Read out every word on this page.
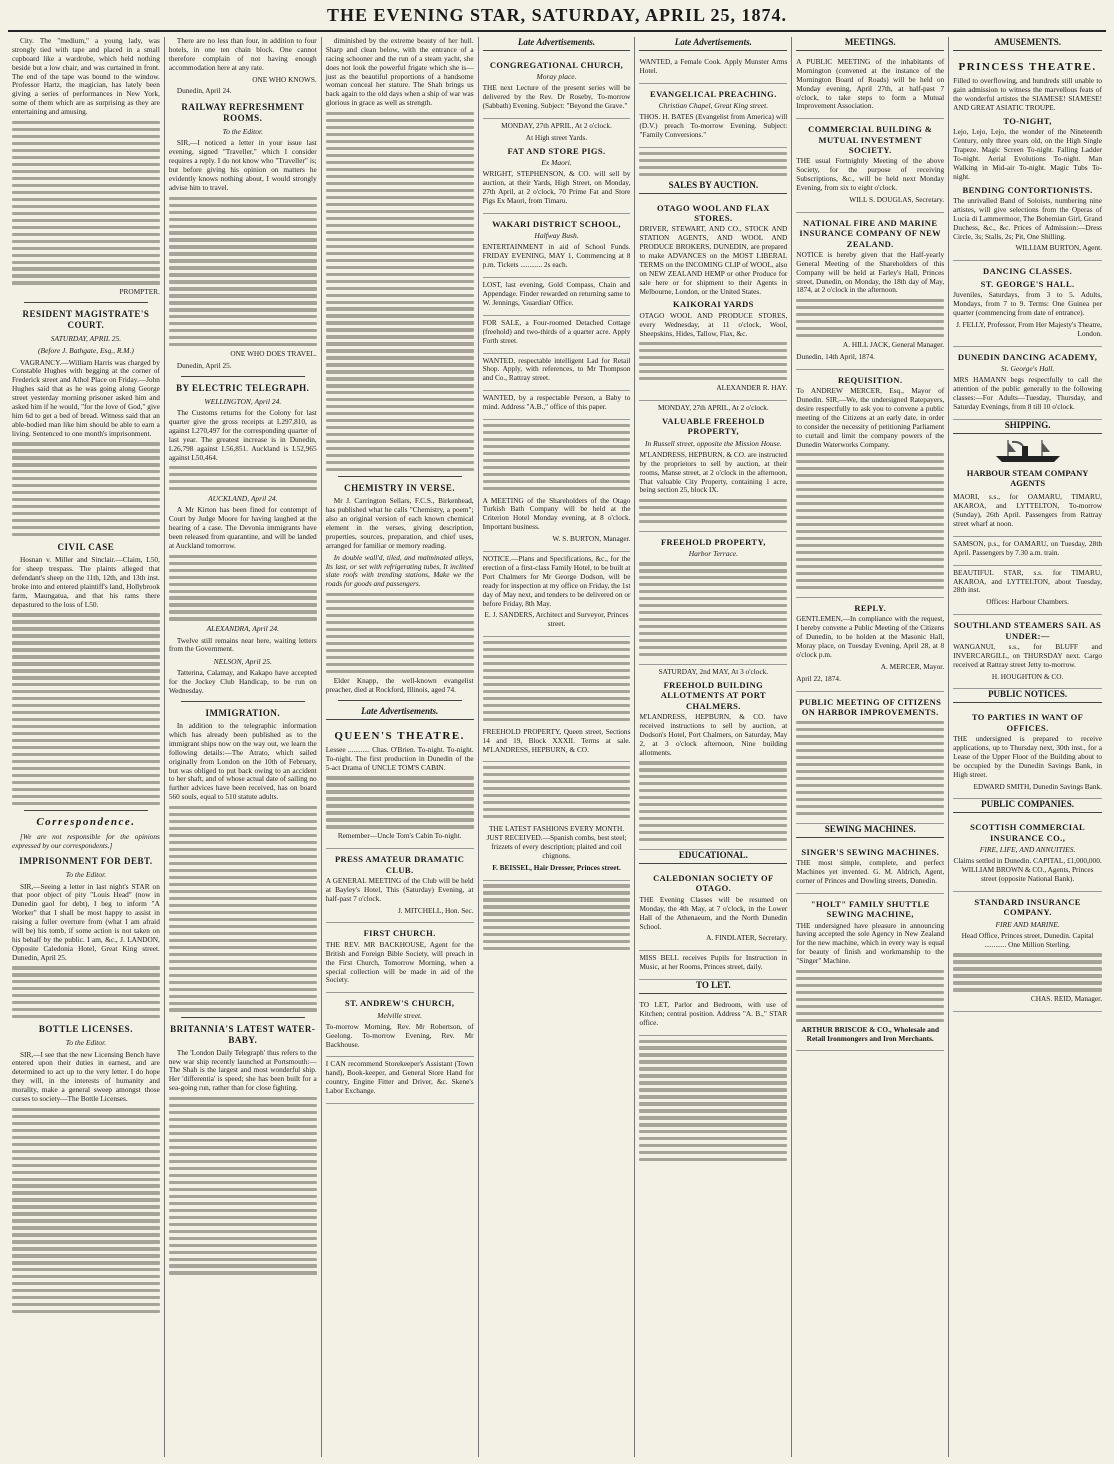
THE EVENING STAR, SATURDAY, APRIL 25, 1874.

City. The "medium," a young lady, was strongly tied with tape and placed in a small cupboard like a wardrobe, which held nothing beside but a low chair, and was curtained in front. The end of the tape was bound to the window. Professor Hartz, the magician, has lately been giving a series of performances in New York, some of them which are as surprising as they are entertaining and amusing.

PROMPTER.

RESIDENT MAGISTRATE'S COURT.
SATURDAY, APRIL 25.
(Before J. Bathgate, Esq., R.M.)

VAGRANCY.—William Harris was charged by Constable Hughes with begging at the corner of Frederick street and Athol Place on Friday.—John Hughes said that as he was going along George street yesterday morning prisoner asked him and asked him if he would, "for the love of God," give him 6d to get a bed of bread. Witness said that an able-bodied man like him should be able to earn a living. Sentenced to one month's imprisonment.

CIVIL CASE

Hosnan v. Miller and Sinclair.—Claim, L50, for sheep trespass. The plaints alleged that defendant's sheep on the 11th, 12th, and 13th inst. broke into and entered plaintiff's land, Hollybrook farm, Maungatua, and that his rams there depastured to the loss of L50.

Correspondence.

[We are not responsible for the opinions expressed by our correspondents.]

IMPRISONMENT FOR DEBT.
To the Editor.

SIR,—Seeing a letter in last night's STAR on that poor object of pity "Louis Head" (now in Dunedin gaol for debt), I beg to inform "A Worker" that I shall be most happy to assist in raising a fuller overture from (what I am afraid will be) his tomb, if some action is not taken on his behalf by the public. I am, &c., J. LANDON, Opposite Caledonia Hotel, Great King street. Dunedin, April 25.

BOTTLE LICENSES.
To the Editor.

SIR,—I see that the new Licensing Bench have entered upon their duties in earnest, and are determined to act up to the very letter. I do hope they will, in the interests of humanity and morality, make a general sweep amongst those curses to society—The Bottle Licenses.

There are no less than four, in addition to four hotels, in one ten chain block. One cannot therefore complain of not having enough accommodation here at any rate.

ONE WHO KNOWS.

Dunedin, April 24.

RAILWAY REFRESHMENT ROOMS.
To the Editor.

SIR,—I noticed a letter in your issue last evening, signed "Traveller," which I consider requires a reply. I do not know who "Traveller" is; but before giving his opinion on matters he evidently knows nothing about, I would strongly advise him to travel.

ONE WHO DOES TRAVEL.

Dunedin, April 25.

BY ELECTRIC TELEGRAPH.
WELLINGTON, April 24.

The Customs returns for the Colony for last quarter give the gross receipts at L297,810, as against L270,497 for the corresponding quarter of last year. The greatest increase is in Dunedin, L26,798 against L56,851. Auckland is L52,965 against L50,464.

AUCKLAND, April 24.

A Mr Kirton has been fined for contempt of Court by Judge Moore for having laughed at the hearing of a case. The Devonia immigrants have been released from quarantine, and will be landed at Auckland tomorrow.

ALEXANDRA, April 24.

Twelve still remains near here, waiting letters from the Government.

NELSON, April 25.

Tatterina, Calamay, and Kakapo have accepted for the Jockey Club Handicap, to be run on Wednesday.

IMMIGRATION.

In addition to the telegraphic information which has already been published as to the immigrant ships now on the way out, we learn the following details:—The Atrato, which sailed originally from London on the 10th of February, but was obliged to put back owing to an accident to her shaft, and of whose actual date of sailing no further advices have been received, has on board 560 souls, equal to 510 statute adults.

BRITANNIA'S LATEST WATER-BABY.

The 'London Daily Telegraph' thus refers to the new war ship recently launched at Portsmouth:—The Shah is the largest and most wonderful ship. Her 'differentia' is speed; she has been built for a sea-going run, rather than for close fighting.

diminished by the extreme beauty of her hull. Sharp and clean below, with the entrance of a racing schooner and the run of a steam yacht, she does not look the powerful frigate which she is—just as the beautiful proportions of a handsome woman conceal her stature. The Shah brings us back again to the old days when a ship of war was glorious in grace as well as strength.

CHEMISTRY IN VERSE.

Mr J. Carrington Sellars, F.C.S., Birkenhead, has published what he calls "Chemistry, a poem"; also an original version of each known chemical element in the verses, giving description, properties, sources, preparation, and chief uses, arranged for familiar or memory reading.

In double wall'd, tiled, and malminated alleys, Its last, or set with refrigerating tubes, It inclined slate roofs with trending stations, Make we the roads for goods and passengers.

Elder Knapp, the well-known evangelist preacher, died at Rockford, Illinois, aged 74.

Late Advertisements.
QUEEN'S THEATRE.

Lessee ............ Chas. O'Brien. To-night. To-night. To-night. The first production in Dunedin of the 5-act Drama of UNCLE TOM'S CABIN.

Remember—Uncle Tom's Cabin To-night.

PRESS AMATEUR DRAMATIC CLUB.

A GENERAL MEETING of the Club will be held at Bayley's Hotel, This (Saturday) Evening, at half-past 7 o'clock.

J. MITCHELL, Hon. Sec.

FIRST CHURCH.

THE REV. MR BACKHOUSE, Agent for the British and Foreign Bible Society, will preach in the First Church, Tomorrow Morning, when a special collection will be made in aid of the Society.

ST. ANDREW'S CHURCH,
Melville street.

To-morrow Morning, Rev. Mr Robertson, of Geelong. To-morrow Evening, Rev. Mr Backhouse.

I CAN recommend Storekeeper's Assistant (Town hand), Book-keeper, and General Store Hand for country, Engine Fitter and Driver, &c. Skene's Labor Exchange.

Late Advertisements.
CONGREGATIONAL CHURCH,
Moray place.

THE next Lecture of the present series will be delivered by the Rev. Dr Roseby, To-morrow (Sabbath) Evening. Subject: "Beyond the Grave."

MONDAY, 27th APRIL, At 2 o'clock.

At High street Yards.

FAT AND STORE PIGS.
Ex Maori.

WRIGHT, STEPHENSON, & CO. will sell by auction, at their Yards, High Street, on Monday, 27th April, at 2 o'clock, 70 Prime Fat and Store Pigs Ex Maori, from Timaru.

WAKARI DISTRICT SCHOOL,
Halfway Bush.

ENTERTAINMENT in aid of School Funds. FRIDAY EVENING, MAY 1, Commencing at 8 p.m. Tickets ............ 2s each.

LOST, last evening, Gold Compass, Chain and Appendage. Finder rewarded on returning same to W. Jennings, 'Guardian' Office.

FOR SALE, a Four-roomed Detached Cottage (freehold) and two-thirds of a quarter acre. Apply Forth street.

WANTED, respectable intelligent Lad for Retail Shop. Apply, with references, to Mr Thompson and Co., Rattray street.

WANTED, by a respectable Person, a Baby to mind. Address "A.B.," office of this paper.

A MEETING of the Shareholders of the Otago Turkish Bath Company will be held at the Criterion Hotel Monday evening, at 8 o'clock. Important business.

W. S. BURTON, Manager.

NOTICE.—Plans and Specifications, &c., for the erection of a first-class Family Hotel, to be built at Port Chalmers for Mr George Dodson, will be ready for inspection at my office on Friday, the 1st day of May next, and tenders to be delivered on or before Friday, 8th May.

E. J. SANDERS, Architect and Surveyor, Princes street.

FREEHOLD PROPERTY, Queen street, Sections 14 and 19, Block XXXII. Terms at sale. M'LANDRESS, HEPBURN, & CO.

THE LATEST FASHIONS EVERY MONTH. JUST RECEIVED.—Spanish combs, best steel; frizzets of every description; plaited and coil chignons.

F. BEISSEL, Hair Dresser, Princes street.

Late Advertisements.

WANTED, a Female Cook. Apply Munster Arms Hotel.

EVANGELICAL PREACHING.
Christian Chapel, Great King street.

THOS. H. BATES (Evangelist from America) will (D.V.) preach To-morrow Evening. Subject: "Family Conversions."

SALES BY AUCTION.
OTAGO WOOL AND FLAX STORES.

DRIVER, STEWART, AND CO., STOCK AND STATION AGENTS, AND WOOL AND PRODUCE BROKERS, DUNEDIN, are prepared to make ADVANCES on the MOST LIBERAL TERMS on the INCOMING CLIP of WOOL, also on NEW ZEALAND HEMP or other Produce for sale here or for shipment to their Agents in Melbourne, London, or the United States.

KAIKORAI YARDS

OTAGO WOOL AND PRODUCE STORES, every Wednesday, at 11 o'clock, Wool, Sheepskins, Hides, Tallow, Flax, &c.

ALEXANDER R. HAY.

MONDAY, 27th APRIL, At 2 o'clock.

VALUABLE FREEHOLD PROPERTY,
In Russell street, opposite the Mission House.

M'LANDRESS, HEPBURN, & CO. are instructed by the proprietors to sell by auction, at their rooms, Manse street, at 2 o'clock in the afternoon, That valuable City Property, containing 1 acre, being section 25, block IX.

FREEHOLD PROPERTY,
Harbor Terrace.

SATURDAY, 2nd MAY, At 3 o'clock.

FREEHOLD BUILDING ALLOTMENTS AT PORT CHALMERS.

M'LANDRESS, HEPBURN, & CO. have received instructions to sell by auction, at Dodson's Hotel, Port Chalmers, on Saturday, May 2, at 3 o'clock afternoon, Nine building allotments.

EDUCATIONAL.
CALEDONIAN SOCIETY OF OTAGO.

THE Evening Classes will be resumed on Monday, the 4th May, at 7 o'clock, in the Lower Hall of the Athenaeum, and the North Dunedin School.

A. FINDLATER, Secretary.

MISS BELL receives Pupils for Instruction in Music, at her Rooms, Princes street, daily.

TO LET.

TO LET, Parlor and Bedroom, with use of Kitchen; central position. Address "A. B.," STAR office.

MEETINGS.

A PUBLIC MEETING of the inhabitants of Mornington (convened at the instance of the Mornington Board of Roads) will be held on Monday evening, April 27th, at half-past 7 o'clock, to take steps to form a Mutual Improvement Association.

COMMERCIAL BUILDING & MUTUAL INVESTMENT SOCIETY.

THE usual Fortnightly Meeting of the above Society, for the purpose of receiving Subscriptions, &c., will be held next Monday Evening, from six to eight o'clock.

WILL S. DOUGLAS, Secretary.

NATIONAL FIRE AND MARINE INSURANCE COMPANY OF NEW ZEALAND.

NOTICE is hereby given that the Half-yearly General Meeting of the Shareholders of this Company will be held at Farley's Hall, Princes street, Dunedin, on Monday, the 18th day of May, 1874, at 2 o'clock in the afternoon.

A. HILL JACK, General Manager.

Dunedin, 14th April, 1874.

REQUISITION.

To ANDREW MERCER, Esq., Mayor of Dunedin. SIR,—We, the undersigned Ratepayers, desire respectfully to ask you to convene a public meeting of the Citizens at an early date, in order to consider the necessity of petitioning Parliament to curtail and limit the company powers of the Dunedin Waterworks Company.

REPLY.

GENTLEMEN,—In compliance with the request, I hereby convene a Public Meeting of the Citizens of Dunedin, to be holden at the Masonic Hall, Moray place, on Tuesday Evening, April 28, at 8 o'clock p.m.

A. MERCER, Mayor.

April 22, 1874.

PUBLIC MEETING OF CITIZENS ON HARBOR IMPROVEMENTS.
SEWING MACHINES.
SINGER'S SEWING MACHINES.

THE most simple, complete, and perfect Machines yet invented. G. M. Aldrich, Agent, corner of Princes and Dowling streets, Dunedin.

"HOLT" FAMILY SHUTTLE SEWING MACHINE,

THE undersigned have pleasure in announcing having accepted the sole Agency in New Zealand for the new machine, which in every way is equal for beauty of finish and workmanship to the "Singer" Machine.

ARTHUR BRISCOE & CO., Wholesale and Retail Ironmongers and Iron Merchants.

AMUSEMENTS.
PRINCESS THEATRE.

Filled to overflowing, and hundreds still unable to gain admission to witness the marvellous feats of the wonderful artistes the SIAMESE! SIAMESE! AND GREAT ASIATIC TROUPE.

TO-NIGHT,

Lejo, Lejo, Lejo, the wonder of the Nineteenth Century, only three years old, on the High Single Trapeze. Magic Screen To-night. Falling Ladder To-night. Aerial Evolutions To-night. Man Walking in Mid-air To-night. Magic Tubs To-night.

BENDING CONTORTIONISTS.

The unrivalled Band of Soloists, numbering nine artistes, will give selections from the Operas of Lucia di Lammermoor, The Bohemian Girl, Grand Duchess, &c., &c. Prices of Admission:—Dress Circle, 3s; Stalls, 2s; Pit, One Shilling.

WILLIAM BURTON, Agent.

DANCING CLASSES.
ST. GEORGE'S HALL.

Juveniles, Saturdays, from 3 to 5. Adults, Mondays, from 7 to 9. Terms: One Guinea per quarter (commencing from date of entrance).

J. FELLY, Professor, From Her Majesty's Theatre, London.

DUNEDIN DANCING ACADEMY,
St. George's Hall.

MRS HAMANN begs respectfully to call the attention of the public generally to the following classes:—For Adults—Tuesday, Thursday, and Saturday Evenings, from 8 till 10 o'clock.

SHIPPING.
HARBOUR STEAM COMPANY AGENTS

MAORI, s.s., for OAMARU, TIMARU, AKAROA, and LYTTELTON, To-morrow (Sunday), 26th April. Passengers from Rattray street wharf at noon.

SAMSON, p.s., for OAMARU, on Tuesday, 28th April. Passengers by 7.30 a.m. train.

BEAUTIFUL STAR, s.s. for TIMARU, AKAROA, and LYTTELTON, about Tuesday, 28th inst.

Offices: Harbour Chambers.

SOUTHLAND STEAMERS SAIL AS UNDER:—

WANGANUI, s.s., for BLUFF and INVERCARGILL, on THURSDAY next. Cargo received at Rattray street Jetty to-morrow.

H. HOUGHTON & CO.

PUBLIC NOTICES.
TO PARTIES IN WANT OF OFFICES.

THE undersigned is prepared to receive applications, up to Thursday next, 30th inst., for a Lease of the Upper Floor of the Building about to be occupied by the Dunedin Savings Bank, in High street.

EDWARD SMITH, Dunedin Savings Bank.

PUBLIC COMPANIES.
SCOTTISH COMMERCIAL INSURANCE CO.,
FIRE, LIFE, AND ANNUITIES.

Claims settled in Dunedin. CAPITAL, £1,000,000. WILLIAM BROWN & CO., Agents, Princes street (opposite National Bank).

STANDARD INSURANCE COMPANY.
FIRE AND MARINE.

Head Office, Princes street, Dunedin. Capital ............ One Million Sterling.

CHAS. REID, Manager.
